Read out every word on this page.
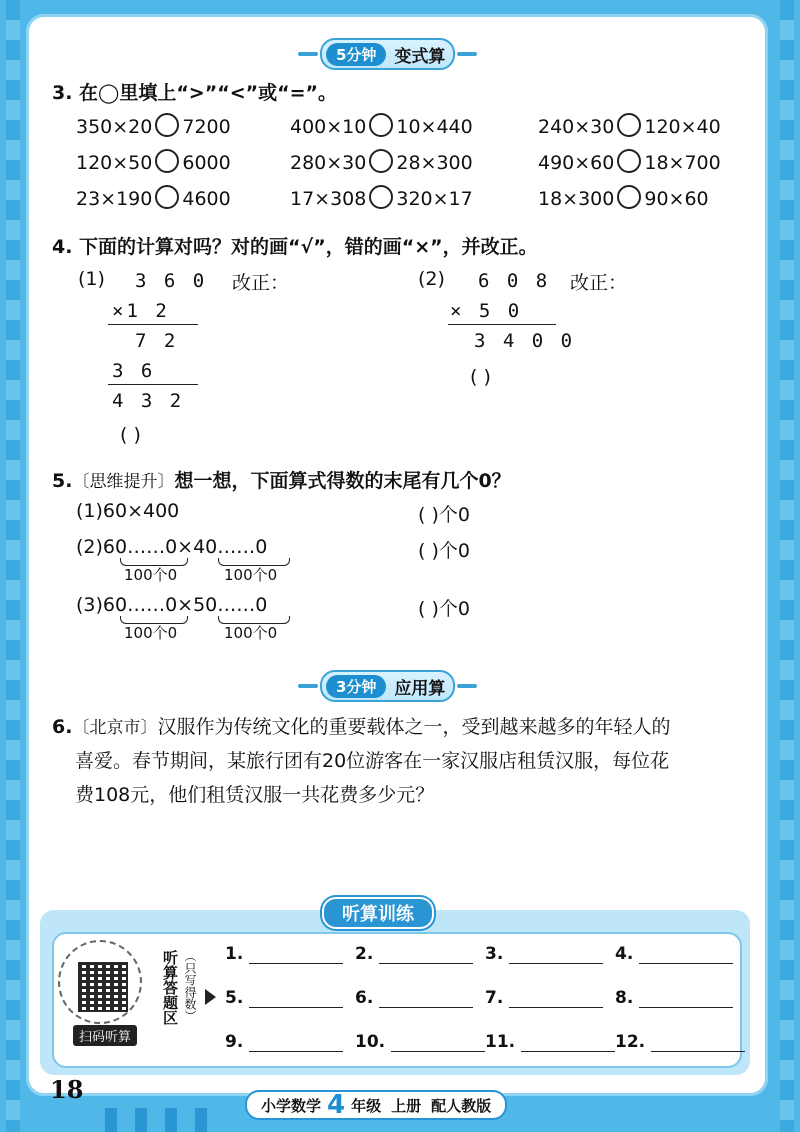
5分钟	变式算
3. 在◯里填上“>”“<”或“=”。
350×20 7200	400×10 10×440	240×30 120×40
120×50 6000	280×30 28×300	490×60 18×700
23×190 4600	17×308 320×17	18×300 90×60
4. 下面的计算对吗？对的画“√”，错的画“×”，并改正。
(1) 3 6 0
×1 2
7 2
3 6
4 3 2
( )
改正：	(2) 6 0 8
× 5 0
3 4 0 0
( )
改正：
5.〔思维提升〕想一想，下面算式得数的末尾有几个0？
(1)60×400	( )个0
(2)60……0×40……0
100个0	100个0
( )个0
(3)60……0×50……0
100个0	100个0
( )个0
3分钟	应用算
6.〔北京市〕汉服作为传统文化的重要载体之一，受到越来越多的年轻人的
喜爱。春节期间，某旅行团有20位游客在一家汉服店租赁汉服，每位花
费108元，他们租赁汉服一共花费多少元？
听算训练
扫码听算
听算答题区 （只写得数） 1.	2.	3.	4.
5.	6.	7.	8.
9.	10.	11.	12.
18
小学数学 4 年级 上册 配人教版
